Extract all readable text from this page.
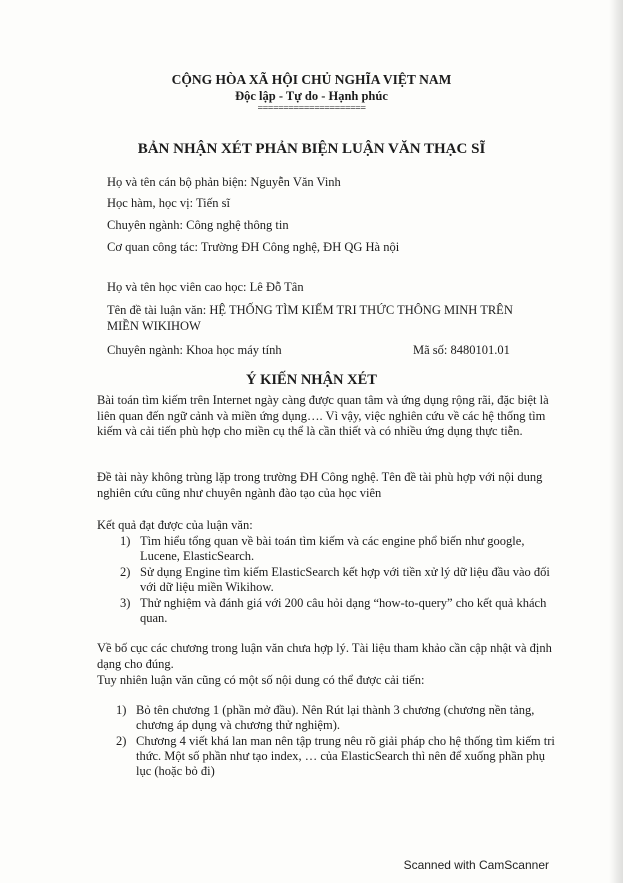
CỘNG HÒA XÃ HỘI CHỦ NGHĨA VIỆT NAM
Độc lập - Tự do - Hạnh phúc
=====================
BẢN NHẬN XÉT PHẢN BIỆN LUẬN VĂN THẠC SĨ
Họ và tên cán bộ phản biện: Nguyễn Văn Vinh
Học hàm, học vị: Tiến sĩ
Chuyên ngành: Công nghệ thông tin
Cơ quan công tác: Trường ĐH Công nghệ, ĐH QG Hà nội
Họ và tên học viên cao học: Lê Đỗ Tân
Tên đề tài luận văn: HỆ THỐNG TÌM KIẾM TRI THỨC THÔNG MINH TRÊN MIỀN WIKIHOW
Chuyên ngành: Khoa học máy tính	Mã số: 8480101.01
Ý KIẾN NHẬN XÉT
Bài toán tìm kiếm trên Internet ngày càng được quan tâm và ứng dụng rộng rãi, đặc biệt là liên quan đến ngữ cảnh và miền ứng dụng…. Vì vậy, việc nghiên cứu về các hệ thống tìm kiếm và cải tiến phù hợp cho miền cụ thể là cần thiết và có nhiều ứng dụng thực tiễn.
Đề tài này không trùng lặp trong trường ĐH Công nghệ. Tên đề tài phù hợp với nội dung nghiên cứu cũng như chuyên ngành đào tạo của học viên
Kết quả đạt được của luận văn:
1) Tìm hiểu tổng quan về bài toán tìm kiếm và các engine phổ biến như google, Lucene, ElasticSearch.
2) Sử dụng Engine tìm kiếm ElasticSearch kết hợp với tiền xử lý dữ liệu đầu vào đối với dữ liệu miền Wikihow.
3) Thử nghiệm và đánh giá với 200 câu hỏi dạng “how-to-query” cho kết quả khách quan.
Về bố cục các chương trong luận văn chưa hợp lý. Tài liệu tham khảo cần cập nhật và định dạng cho đúng.
Tuy nhiên luận văn cũng có một số nội dung có thể được cải tiến:
1) Bỏ tên chương 1 (phần mở đầu). Nên Rút lại thành 3 chương (chương nền tảng, chương áp dụng và chương thử nghiệm).
2) Chương 4 viết khá lan man nên tập trung nêu rõ giải pháp cho hệ thống tìm kiếm tri thức. Một số phần như tạo index, … của ElasticSearch thì nên để xuống phần phụ lục (hoặc bỏ đi)
Scanned with CamScanner
